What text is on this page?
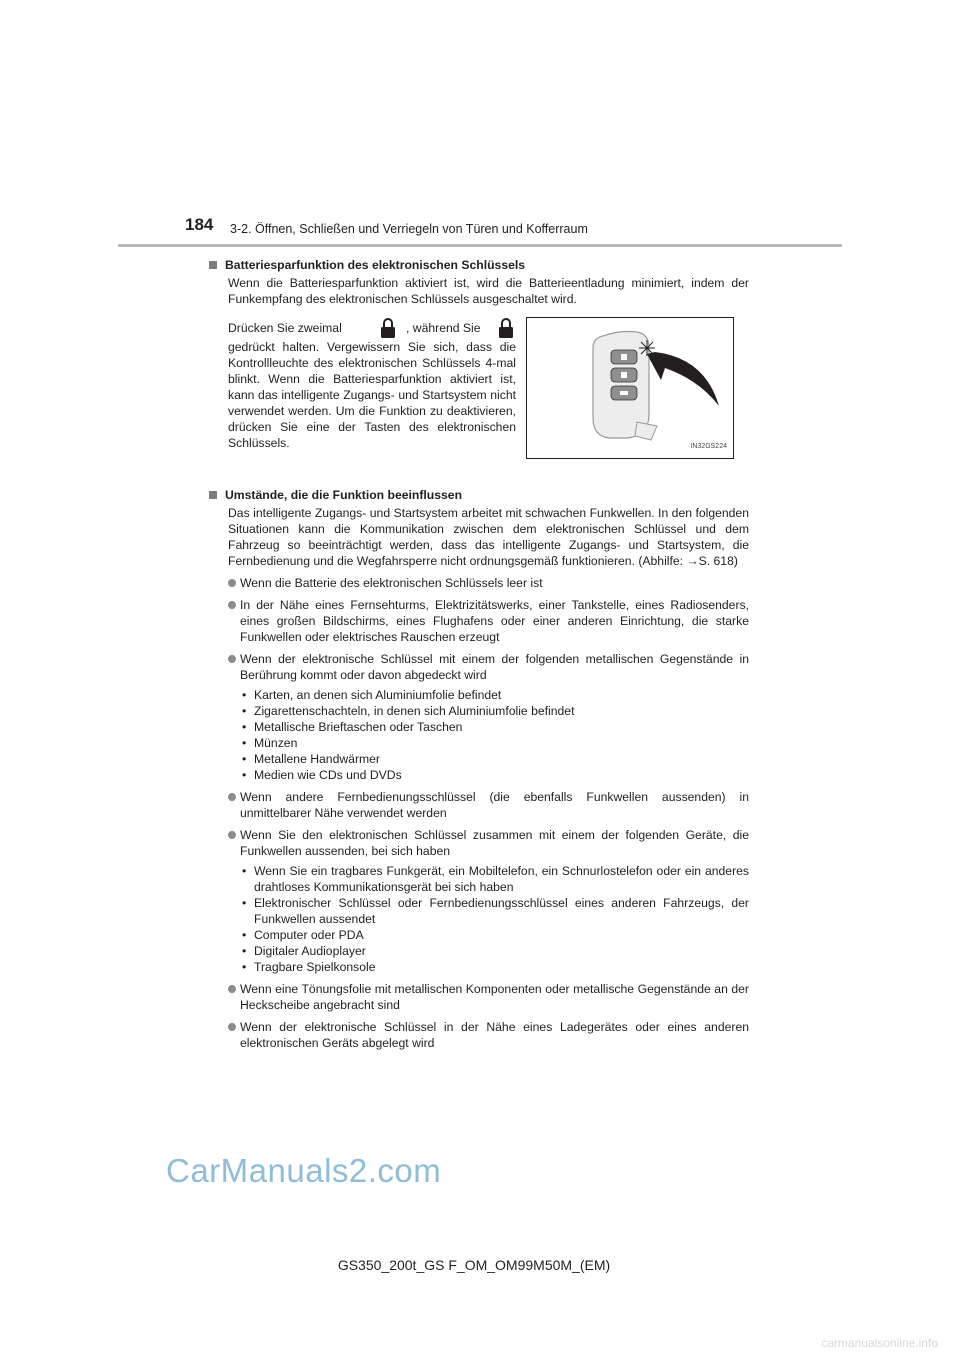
184 3-2. Öffnen, Schließen und Verriegeln von Türen und Kofferraum

Batteriesparfunktion des elektronischen Schlüssels

Wenn die Batteriesparfunktion aktiviert ist, wird die Batterieentladung minimiert, indem der Funkempfang des elektronischen Schlüssels ausgeschaltet wird.

Drücken Sie zweimal	, während Sie
gedrückt halten. Vergewissern Sie sich, dass die Kontrollleuchte des elektronischen Schlüssels 4-mal blinkt. Wenn die Batteriesparfunktion aktiviert ist, kann das intelligente Zugangs- und Startsystem nicht verwendet werden. Um die Funktion zu deaktivieren, drücken Sie eine der Tasten des elektronischen Schlüssels.	IN32GS224

Umstände, die die Funktion beeinflussen

Das intelligente Zugangs- und Startsystem arbeitet mit schwachen Funkwellen. In den folgenden Situationen kann die Kommunikation zwischen dem elektronischen Schlüssel und dem Fahrzeug so beeinträchtigt werden, dass das intelligente Zugangs- und Startsystem, die Fernbedienung und die Wegfahrsperre nicht ordnungsgemäß funktionieren. (Abhilfe: →S. 618)

Wenn die Batterie des elektronischen Schlüssels leer ist
In der Nähe eines Fernsehturms, Elektrizitätswerks, einer Tankstelle, eines Radiosenders, eines großen Bildschirms, eines Flughafens oder einer anderen Einrichtung, die starke Funkwellen oder elektrisches Rauschen erzeugt
Wenn der elektronische Schlüssel mit einem der folgenden metallischen Gegenstände in Berührung kommt oder davon abgedeckt wird
• Karten, an denen sich Aluminiumfolie befindet
• Zigarettenschachteln, in denen sich Aluminiumfolie befindet
• Metallische Brieftaschen oder Taschen
• Münzen
• Metallene Handwärmer
• Medien wie CDs und DVDs
Wenn andere Fernbedienungsschlüssel (die ebenfalls Funkwellen aussenden) in unmittelbarer Nähe verwendet werden
Wenn Sie den elektronischen Schlüssel zusammen mit einem der folgenden Geräte, die Funkwellen aussenden, bei sich haben
• Wenn Sie ein tragbares Funkgerät, ein Mobiltelefon, ein Schnurlostelefon oder ein anderes drahtloses Kommunikationsgerät bei sich haben
• Elektronischer Schlüssel oder Fernbedienungsschlüssel eines anderen Fahrzeugs, der Funkwellen aussendet
• Computer oder PDA
• Digitaler Audioplayer
• Tragbare Spielkonsole
Wenn eine Tönungsfolie mit metallischen Komponenten oder metallische Gegenstände an der Heckscheibe angebracht sind
Wenn der elektronische Schlüssel in der Nähe eines Ladegerätes oder eines anderen elektronischen Geräts abgelegt wird
CarManuals2.com
GS350_200t_GS F_OM_OM99M50M_(EM)
carmanualsonline.info
